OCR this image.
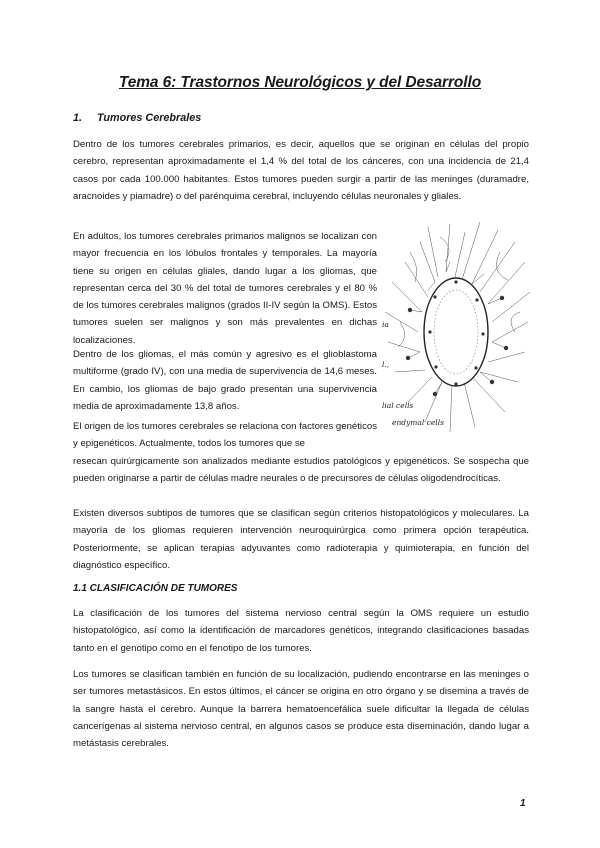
Tema 6: Trastornos Neurológicos y del Desarrollo
1. Tumores Cerebrales

Dentro de los tumores cerebrales primarios, es decir, aquellos que se originan en células del propio cerebro, representan aproximadamente el 1,4 % del total de los cánceres, con una incidencia de 21,4 casos por cada 100.000 habitantes. Estos tumores pueden surgir a partir de las meninges (duramadre, aracnoides y piamadre) o del parénquima cerebral, incluyendo células neuronales y gliales.

En adultos, los tumores cerebrales primarios malignos se localizan con mayor frecuencia en los lóbulos frontales y temporales. La mayoría tiene su origen en células gliales, dando lugar a los gliomas, que representan cerca del 30 % del total de tumores cerebrales y el 80 % de los tumores cerebrales malignos (grados II-IV según la OMS). Estos tumores suelen ser malignos y son más prevalentes en dichas localizaciones.

Dentro de los gliomas, el más común y agresivo es el glioblastoma multiforme (grado IV), con una media de supervivencia de 14,6 meses. En cambio, los gliomas de bajo grado presentan una supervivencia media de aproximadamente 13,8 años.

El origen de los tumores cerebrales se relaciona con factores genéticos y epigenéticos. Actualmente, todos los tumores que se

resecan quirúrgicamente son analizados mediante estudios patológicos y epigenéticos. Se sospecha que pueden originarse a partir de células madre neurales o de precursores de células oligodendrocíticas.

Existen diversos subtipos de tumores que se clasifican según criterios histopatológicos y moleculares. La mayoría de los gliomas requieren intervención neuroquirúrgica como primera opción terapéutica. Posteriormente, se aplican terapias adyuvantes como radioterapia y quimioterapia, en función del diagnóstico específico.

1.1 CLASIFICACIÓN DE TUMORES

La clasificación de los tumores del sistema nervioso central según la OMS requiere un estudio histopatológico, así como la identificación de marcadores genéticos, integrando clasificaciones basadas tanto en el genotipo como en el fenotipo de los tumores.

Los tumores se clasifican también en función de su localización, pudiendo encontrarse en las meninges o ser tumores metastásicos. En estos últimos, el cáncer se origina en otro órgano y se disemina a través de la sangre hasta el cerebro. Aunque la barrera hematoencefálica suele dificultar la llegada de células cancerígenas al sistema nervioso central, en algunos casos se produce esta diseminación, dando lugar a metástasis cerebrales.

1
ia
l.,
lial cells
endymal cells
